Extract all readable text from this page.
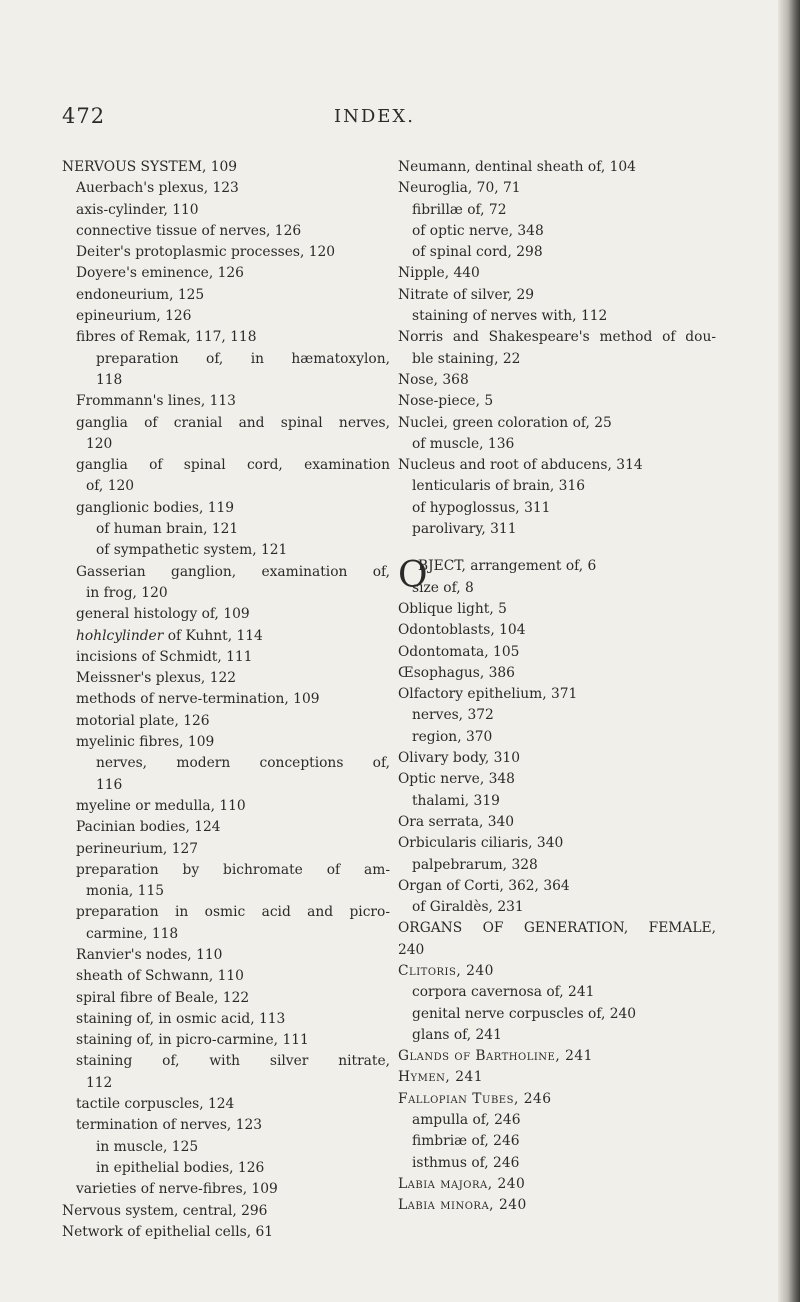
472	INDEX.
NERVOUS SYSTEM, 109
Auerbach's plexus, 123
axis-cylinder, 110
connective tissue of nerves, 126
Deiter's protoplasmic processes, 120
Doyere's eminence, 126
endoneurium, 125
epineurium, 126
fibres of Remak, 117, 118
preparation of, in hæmatoxylon,
118
Frommann's lines, 113
ganglia of cranial and spinal nerves,
120
ganglia of spinal cord, examination
of, 120
ganglionic bodies, 119
of human brain, 121
of sympathetic system, 121
Gasserian ganglion, examination of,
in frog, 120
general histology of, 109
hohlcylinder of Kuhnt, 114
incisions of Schmidt, 111
Meissner's plexus, 122
methods of nerve-termination, 109
motorial plate, 126
myelinic fibres, 109
nerves, modern conceptions of,
116
myeline or medulla, 110
Pacinian bodies, 124
perineurium, 127
preparation by bichromate of am-
monia, 115
preparation in osmic acid and picro-
carmine, 118
Ranvier's nodes, 110
sheath of Schwann, 110
spiral fibre of Beale, 122
staining of, in osmic acid, 113
staining of, in picro-carmine, 111
staining of, with silver nitrate,
112
tactile corpuscles, 124
termination of nerves, 123
in muscle, 125
in epithelial bodies, 126
varieties of nerve-fibres, 109
Nervous system, central, 296
Network of epithelial cells, 61
Neumann, dentinal sheath of, 104
Neuroglia, 70, 71
fibrillæ of, 72
of optic nerve, 348
of spinal cord, 298
Nipple, 440
Nitrate of silver, 29
staining of nerves with, 112
Norris and Shakespeare's method of dou-
ble staining, 22
Nose, 368
Nose-piece, 5
Nuclei, green coloration of, 25
of muscle, 136
Nucleus and root of abducens, 314
lenticularis of brain, 316
of hypoglossus, 311
parolivary, 311
O
BJECT, arrangement of, 6
size of, 8
Oblique light, 5
Odontoblasts, 104
Odontomata, 105
Œsophagus, 386
Olfactory epithelium, 371
nerves, 372
region, 370
Olivary body, 310
Optic nerve, 348
thalami, 319
Ora serrata, 340
Orbicularis ciliaris, 340
palpebrarum, 328
Organ of Corti, 362, 364
of Giraldès, 231
ORGANS OF GENERATION, FEMALE,
240
Clitoris, 240
corpora cavernosa of, 241
genital nerve corpuscles of, 240
glans of, 241
Glands of Bartholine, 241
Hymen, 241
Fallopian Tubes, 246
ampulla of, 246
fimbriæ of, 246
isthmus of, 246
Labia majora, 240
Labia minora, 240
